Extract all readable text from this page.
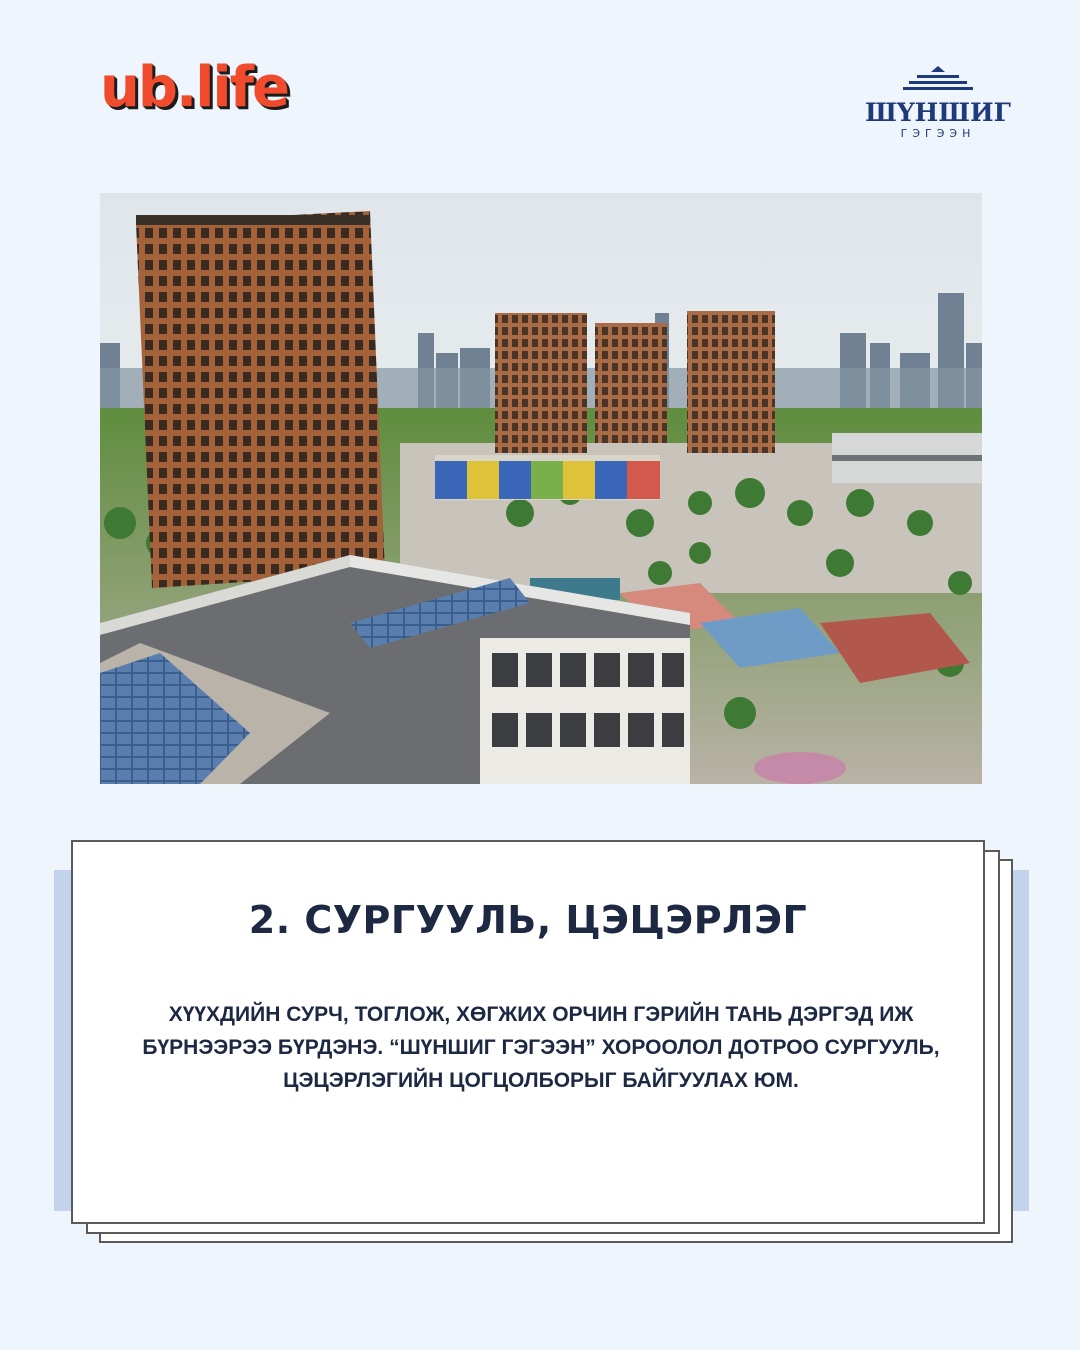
ub.life	ШҮНШИГ
ГЭГЭЭН
2. СУРГУУЛЬ, ЦЭЦЭРЛЭГ
ХҮҮХДИЙН СУРЧ, ТОГЛОЖ, ХӨГЖИХ ОРЧИН ГЭРИЙН ТАНЬ ДЭРГЭД ИЖ БҮРНЭЭРЭЭ БҮРДЭНЭ. “ШҮНШИГ ГЭГЭЭН” ХОРООЛОЛ ДОТРОО СУРГУУЛЬ, ЦЭЦЭРЛЭГИЙН ЦОГЦОЛБОРЫГ БАЙГУУЛАХ ЮМ.
